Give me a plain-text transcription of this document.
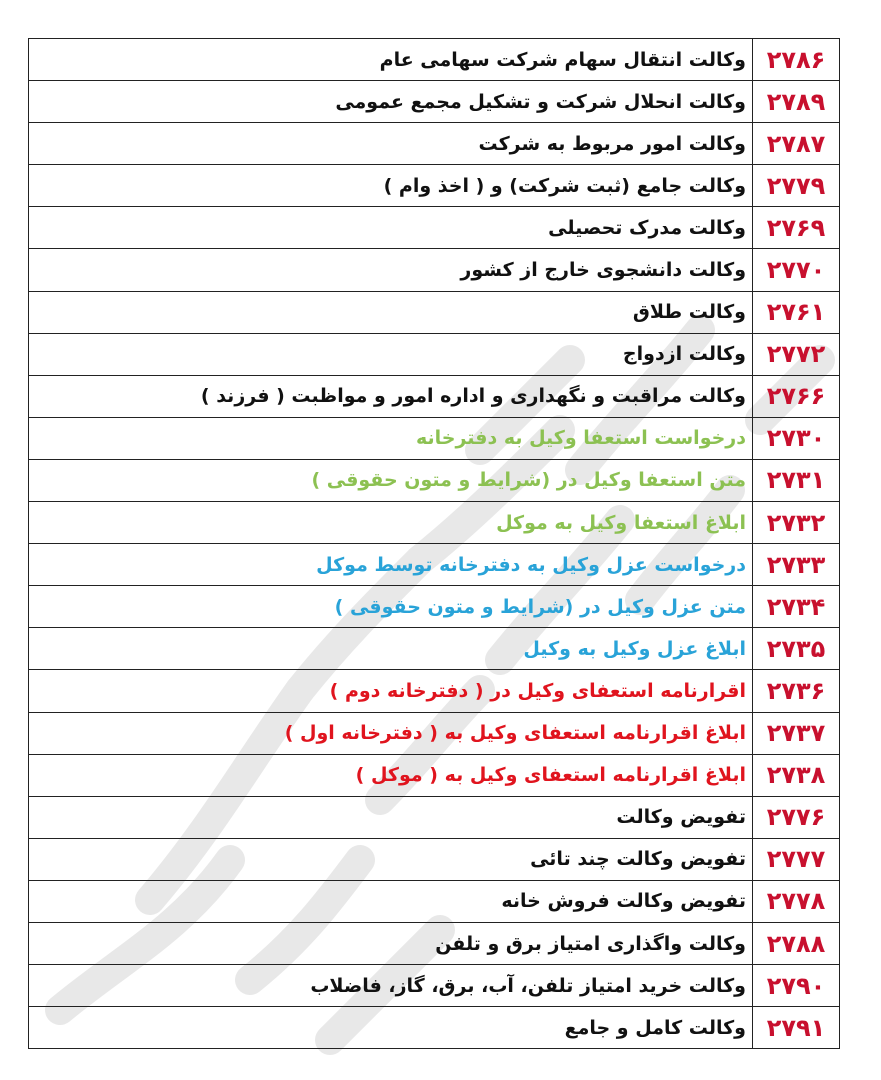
۲۷۸۶	وکالت انتقال سهام شرکت سهامی عام
۲۷۸۹	وکالت انحلال شرکت و تشکیل مجمع عمومی
۲۷۸۷	وکالت امور مربوط به شرکت
۲۷۷۹	وکالت جامع (ثبت شرکت) و ( اخذ وام )
۲۷۶۹	وکالت مدرک تحصیلی
۲۷۷۰	وکالت دانشجوی خارج از کشور
۲۷۶۱	وکالت طلاق
۲۷۷۲	وکالت ازدواج
۲۷۶۶	وکالت مراقبت و نگهداری و اداره امور و مواظبت ( فرزند )
۲۷۳۰	درخواست استعفا وکیل به دفترخانه
۲۷۳۱	متن استعفا وکیل در (شرایط و متون حقوقی )
۲۷۳۲	ابلاغ استعفا وکیل به موکل
۲۷۳۳	درخواست عزل وکیل به دفترخانه توسط موکل
۲۷۳۴	متن عزل وکیل در (شرایط و متون حقوقی )
۲۷۳۵	ابلاغ عزل وکیل به وکیل
۲۷۳۶	اقرارنامه استعفای وکیل در ( دفترخانه دوم )
۲۷۳۷	ابلاغ اقرارنامه استعفای وکیل به ( دفترخانه اول )
۲۷۳۸	ابلاغ اقرارنامه استعفای وکیل به ( موکل )
۲۷۷۶	تفویض وکالت
۲۷۷۷	تفویض وکالت چند تائی
۲۷۷۸	تفویض وکالت فروش خانه
۲۷۸۸	وکالت واگذاری امتیاز برق و تلفن
۲۷۹۰	وکالت خرید امتیاز تلفن، آب، برق، گاز، فاضلاب
۲۷۹۱	وکالت کامل و جامع
